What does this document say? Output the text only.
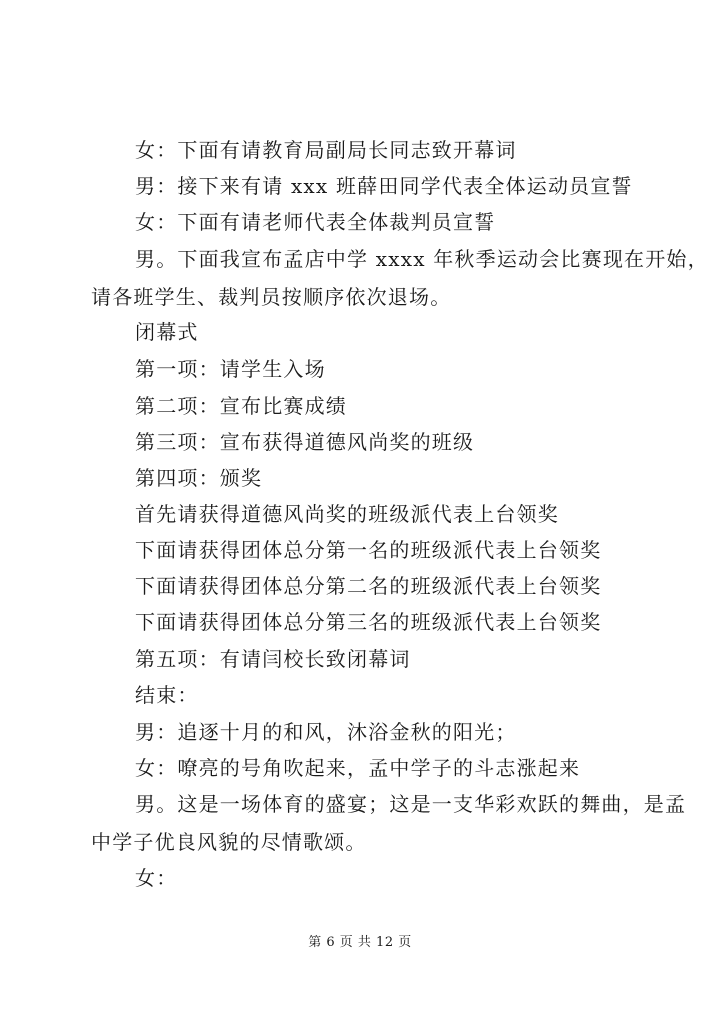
女：下面有请教育局副局长同志致开幕词
男：接下来有请 xxx 班薛田同学代表全体运动员宣誓
女：下面有请老师代表全体裁判员宣誓
男。下面我宣布孟店中学 xxxx 年秋季运动会比赛现在开始，
请各班学生、裁判员按顺序依次退场。
闭幕式
第一项：请学生入场
第二项：宣布比赛成绩
第三项：宣布获得道德风尚奖的班级
第四项：颁奖
首先请获得道德风尚奖的班级派代表上台领奖
下面请获得团体总分第一名的班级派代表上台领奖
下面请获得团体总分第二名的班级派代表上台领奖
下面请获得团体总分第三名的班级派代表上台领奖
第五项：有请闫校长致闭幕词
结束：
男：追逐十月的和风，沐浴金秋的阳光；
女：嘹亮的号角吹起来，孟中学子的斗志涨起来
男。这是一场体育的盛宴；这是一支华彩欢跃的舞曲，是孟
中学子优良风貌的尽情歌颂。
女：
第 6 页 共 12 页
